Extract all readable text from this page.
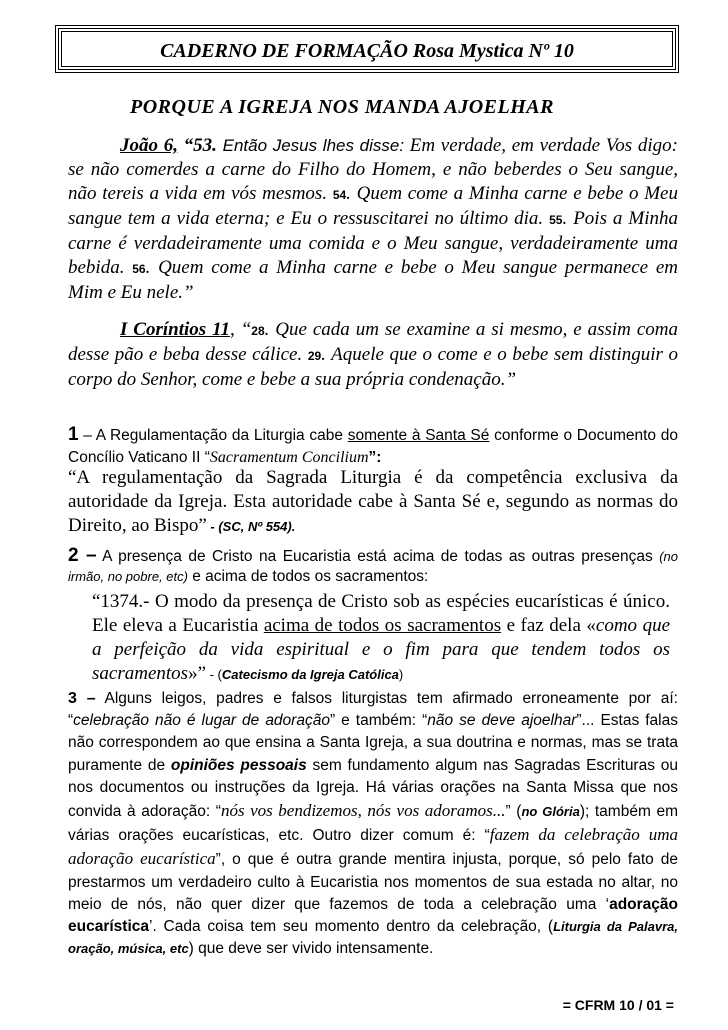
CADERNO DE FORMAÇÃO Rosa Mystica Nº 10
PORQUE A IGREJA NOS MANDA AJOELHAR
João 6, “53. Então Jesus lhes disse: Em verdade, em verdade Vos digo: se não comerdes a carne do Filho do Homem, e não beberdes o Seu sangue, não tereis a vida em vós mesmos. 54. Quem come a Minha carne e bebe o Meu sangue tem a vida eterna; e Eu o ressuscitarei no último dia. 55. Pois a Minha carne é verdadeiramente uma comida e o Meu sangue, verdadeiramente uma bebida. 56. Quem come a Minha carne e bebe o Meu sangue permanece em Mim e Eu nele.”
I Coríntios 11, “28. Que cada um se examine a si mesmo, e assim coma desse pão e beba desse cálice. 29. Aquele que o come e o bebe sem distinguir o corpo do Senhor, come e bebe a sua própria condenação.”
1 – A Regulamentação da Liturgia cabe somente à Santa Sé conforme o Documento do Concílio Vaticano II “Sacramentum Concilium”:
“A regulamentação da Sagrada Liturgia é da competência exclusiva da autoridade da Igreja. Esta autoridade cabe à Santa Sé e, segundo as normas do Direito, ao Bispo” - (SC, Nº 554).
2 – A presença de Cristo na Eucaristia está acima de todas as outras presenças (no irmão, no pobre, etc) e acima de todos os sacramentos:
“1374.- O modo da presença de Cristo sob as espécies eucarísticas é único. Ele eleva a Eucaristia acima de todos os sacramentos e faz dela «como que a perfeição da vida espiritual e o fim para que tendem todos os sacramentos»” - (Catecismo da Igreja Católica)
3 – Alguns leigos, padres e falsos liturgistas tem afirmado erroneamente por aí: “celebração não é lugar de adoração” e também: “não se deve ajoelhar”... Estas falas não correspondem ao que ensina a Santa Igreja, a sua doutrina e normas, mas se trata puramente de opiniões pessoais sem fundamento algum nas Sagradas Escrituras ou nos documentos ou instruções da Igreja. Há várias orações na Santa Missa que nos convida à adoração: “nós vos bendizemos, nós vos adoramos...” (no Glória); também em várias orações eucarísticas, etc. Outro dizer comum é: “fazem da celebração uma adoração eucarística”, o que é outra grande mentira injusta, porque, só pelo fato de prestarmos um verdadeiro culto à Eucaristia nos momentos de sua estada no altar, no meio de nós, não quer dizer que fazemos de toda a celebração uma ‘adoração eucarística’. Cada coisa tem seu momento dentro da celebração, (Liturgia da Palavra, oração, música, etc) que deve ser vivido intensamente.
= CFRM 10 / 01 =
